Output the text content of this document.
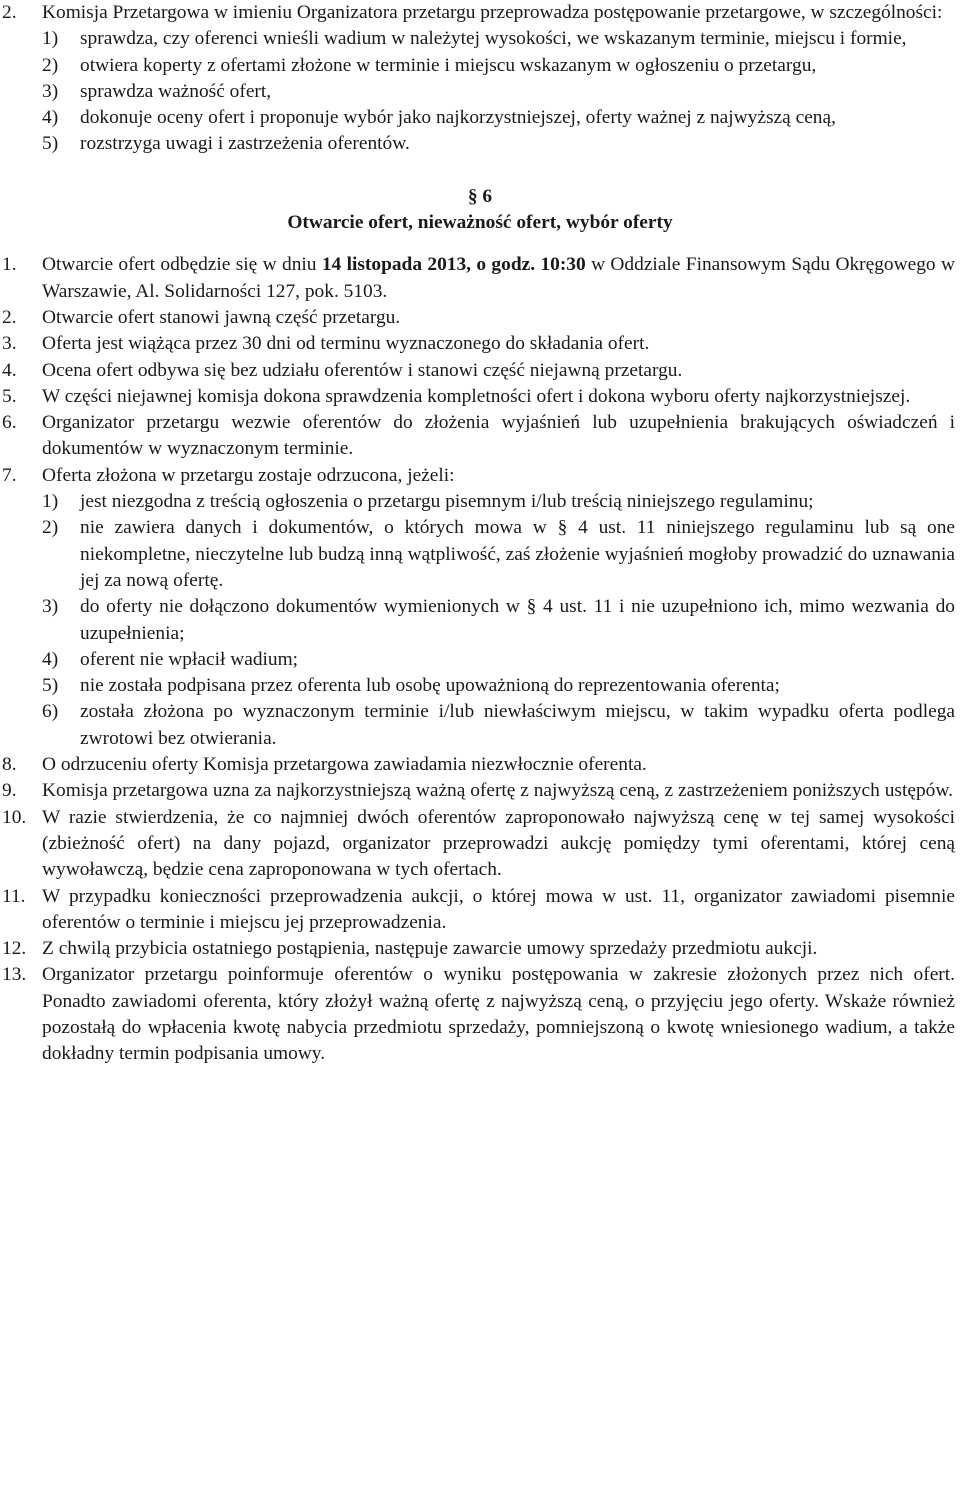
2. Komisja Przetargowa w imieniu Organizatora przetargu przeprowadza postępowanie przetargowe, w szczególności:
1) sprawdza, czy oferenci wnieśli wadium w należytej wysokości, we wskazanym terminie, miejscu i formie,
2) otwiera koperty z ofertami złożone w terminie i miejscu wskazanym w ogłoszeniu o przetargu,
3) sprawdza ważność ofert,
4) dokonuje oceny ofert i proponuje wybór jako najkorzystniejszej, oferty ważnej z najwyższą ceną,
5) rozstrzyga uwagi i zastrzeżenia oferentów.
§ 6
Otwarcie ofert, nieważność ofert, wybór oferty
1. Otwarcie ofert odbędzie się w dniu 14 listopada 2013, o godz. 10:30 w Oddziale Finansowym Sądu Okręgowego w Warszawie, Al. Solidarności 127, pok. 5103.
2. Otwarcie ofert stanowi jawną część przetargu.
3. Oferta jest wiążąca przez 30 dni od terminu wyznaczonego do składania ofert.
4. Ocena ofert odbywa się bez udziału oferentów i stanowi część niejawną przetargu.
5. W części niejawnej komisja dokona sprawdzenia kompletności ofert i dokona wyboru oferty najkorzystniejszej.
6. Organizator przetargu wezwie oferentów do złożenia wyjaśnień lub uzupełnienia brakujących oświadczeń i dokumentów w wyznaczonym terminie.
7. Oferta złożona w przetargu zostaje odrzucona, jeżeli:
1) jest niezgodna z treścią ogłoszenia o przetargu pisemnym i/lub treścią niniejszego regulaminu;
2) nie zawiera danych i dokumentów, o których mowa w § 4 ust. 11 niniejszego regulaminu lub są one niekompletne, nieczytelne lub budzą inną wątpliwość, zaś złożenie wyjaśnień mogłoby prowadzić do uznawania jej za nową ofertę.
3) do oferty nie dołączono dokumentów wymienionych w § 4 ust. 11 i nie uzupełniono ich, mimo wezwania do uzupełnienia;
4) oferent nie wpłacił wadium;
5) nie została podpisana przez oferenta lub osobę upoważnioną do reprezentowania oferenta;
6) została złożona po wyznaczonym terminie i/lub niewłaściwym miejscu, w takim wypadku oferta podlega zwrotowi bez otwierania.
8. O odrzuceniu oferty Komisja przetargowa zawiadamia niezwłocznie oferenta.
9. Komisja przetargowa uzna za najkorzystniejszą ważną ofertę z najwyższą ceną, z zastrzeżeniem poniższych ustępów.
10. W razie stwierdzenia, że co najmniej dwóch oferentów zaproponowało najwyższą cenę w tej samej wysokości (zbieżność ofert) na dany pojazd, organizator przeprowadzi aukcję pomiędzy tymi oferentami, której ceną wywoławczą, będzie cena zaproponowana w tych ofertach.
11. W przypadku konieczności przeprowadzenia aukcji, o której mowa w ust. 11, organizator zawiadomi pisemnie oferentów o terminie i miejscu jej przeprowadzenia.
12. Z chwilą przybicia ostatniego postąpienia, następuje zawarcie umowy sprzedaży przedmiotu aukcji.
13. Organizator przetargu poinformuje oferentów o wyniku postępowania w zakresie złożonych przez nich ofert. Ponadto zawiadomi oferenta, który złożył ważną ofertę z najwyższą ceną, o przyjęciu jego oferty. Wskaże również pozostałą do wpłacenia kwotę nabycia przedmiotu sprzedaży, pomniejszoną o kwotę wniesionego wadium, a także dokładny termin podpisania umowy.
